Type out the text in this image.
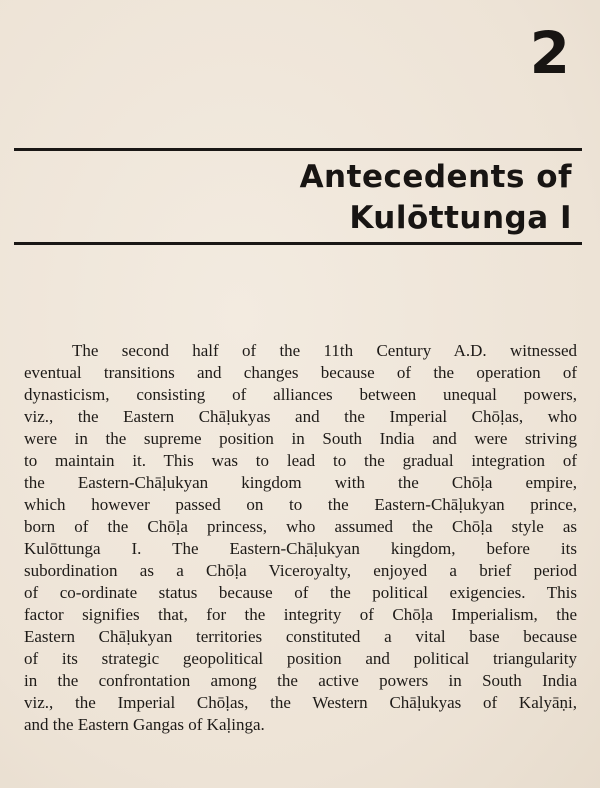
2
Antecedents of
Kulōttunga I
The second half of the 11th Century A.D. witnessed
eventual transitions and changes because of the operation of
dynasticism, consisting of alliances between unequal powers,
viz., the Eastern Chāḷukyas and the Imperial Chōḷas, who
were in the supreme position in South India and were striving
to maintain it. This was to lead to the gradual integration of
the Eastern-Chāḷukyan kingdom with the Chōḷa empire,
which however passed on to the Eastern-Chāḷukyan prince,
born of the Chōḷa princess, who assumed the Chōḷa style as
Kulōttunga I. The Eastern-Chāḷukyan kingdom, before its
subordination as a Chōḷa Viceroyalty, enjoyed a brief period
of co-ordinate status because of the political exigencies. This
factor signifies that, for the integrity of Chōḷa Imperialism, the
Eastern Chāḷukyan territories constituted a vital base because
of its strategic geopolitical position and political triangularity
in the confrontation among the active powers in South India
viz., the Imperial Chōḷas, the Western Chāḷukyas of Kalyāṇi,
and the Eastern Gangas of Kaḷinga.
